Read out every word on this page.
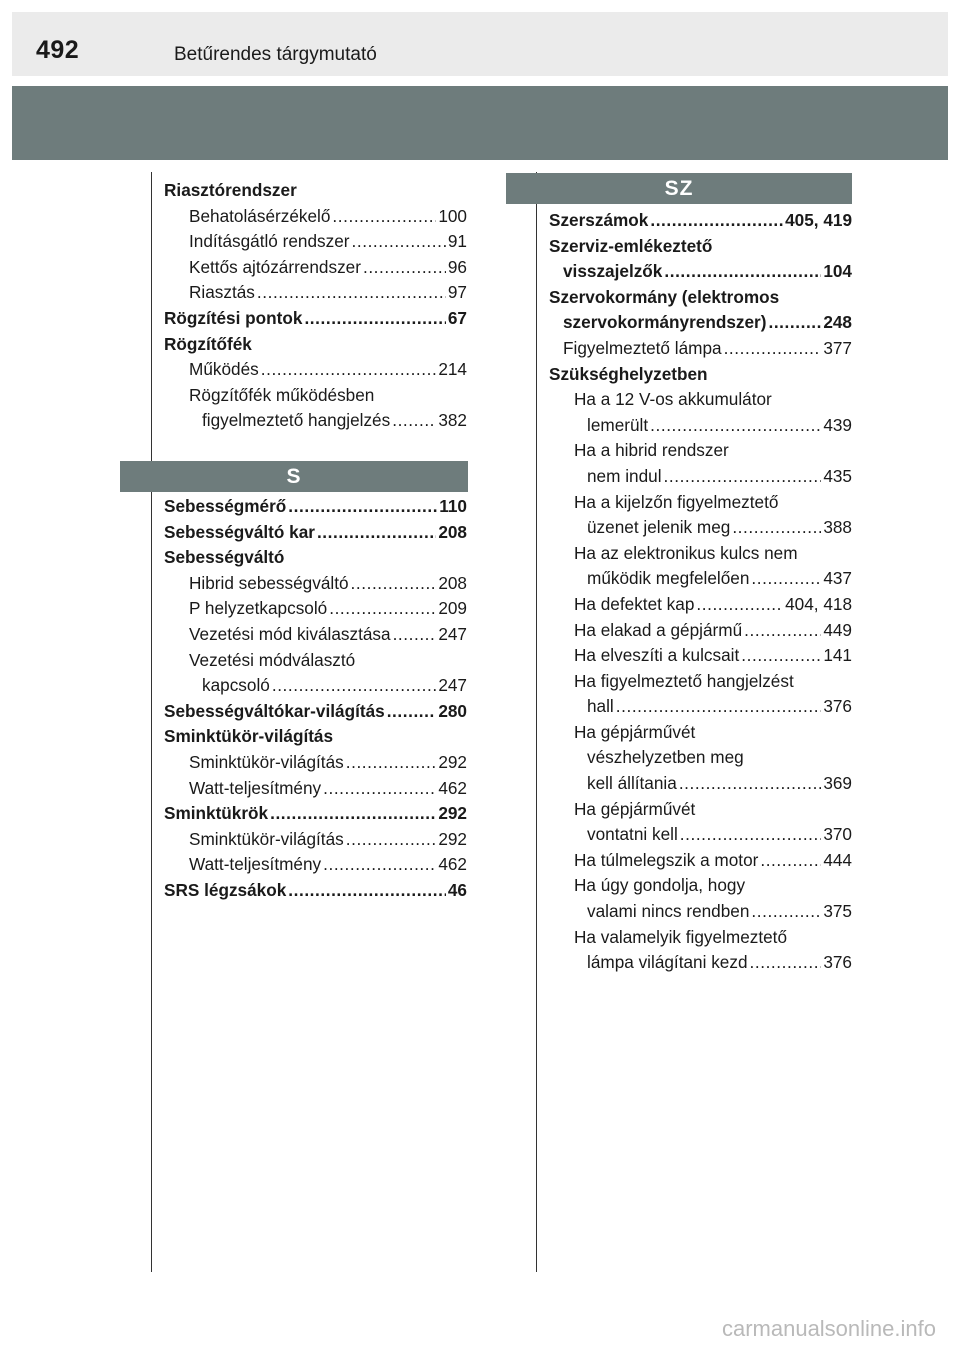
492	Betűrendes tárgymutató
Riasztórendszer
Behatolásérzékelő . . .	100
Indításgátló rendszer . . .	91
Kettős ajtózárrendszer . . .	96
Riasztás . . .	97
Rögzítési pontok . . .	67
Rögzítőfék
Működés . . .	214
Rögzítőfék működésben
figyelmeztető hangjelzés . . .	382
S
Sebességmérő . . .	110
Sebességváltó kar . . .	208
Sebességváltó
Hibrid sebességváltó . . .	208
P helyzetkapcsoló . . .	209
Vezetési mód kiválasztása . . .	247
Vezetési módválasztó
kapcsoló . . .	247
Sebességváltókar-világítás . . .	280
Sminktükör-világítás
Sminktükör-világítás . . .	292
Watt-teljesítmény . . .	462
Sminktükrök . . .	292
Sminktükör-világítás . . .	292
Watt-teljesítmény . . .	462
SRS légzsákok . . .	46
SZ
Szerszámok . . .	405, 419
Szerviz-emlékeztető
visszajelzők . . .	104
Szervokormány (elektromos
szervokormányrendszer) . . .	248
Figyelmeztető lámpa . . .	377
Szükséghelyzetben
Ha a 12 V-os akkumulátor
lemerült . . .	439
Ha a hibrid rendszer
nem indul . . .	435
Ha a kijelzőn figyelmeztető
üzenet jelenik meg . . .	388
Ha az elektronikus kulcs nem
működik megfelelően . . .	437
Ha defektet kap . . .	404, 418
Ha elakad a gépjármű . . .	449
Ha elveszíti a kulcsait . . .	141
Ha figyelmeztető hangjelzést
hall . . .	376
Ha gépjárművét
vészhelyzetben meg
kell állítania . . .	369
Ha gépjárművét
vontatni kell . . .	370
Ha túlmelegszik a motor . . .	444
Ha úgy gondolja, hogy
valami nincs rendben . . .	375
Ha valamelyik figyelmeztető
lámpa világítani kezd . . .	376
carmanualsonline.info
